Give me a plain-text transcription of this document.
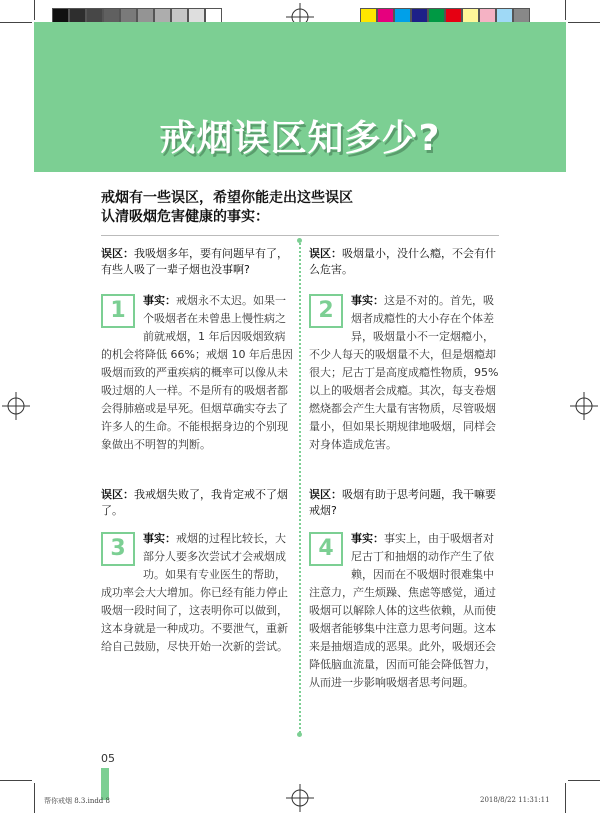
戒烟误区知多少?
戒烟有一些误区，希望你能走出这些误区
认清吸烟危害健康的事实：
误区：我吸烟多年，要有问题早有了，有些人吸了一辈子烟也没事啊?
1	事实：戒烟永不太迟。如果一个吸烟者在未曾患上慢性病之前就戒烟，1 年后因吸烟致病的机会将降低 66%；戒烟 10 年后患因吸烟而致的严重疾病的概率可以像从未吸过烟的人一样。不是所有的吸烟者都会得肺癌或是早死。但烟草确实夺去了许多人的生命。不能根据身边的个别现象做出不明智的判断。
误区：吸烟量小，没什么瘾，不会有什么危害。
2	事实：这是不对的。首先，吸烟者成瘾性的大小存在个体差异，吸烟量小不一定烟瘾小，不少人每天的吸烟量不大，但是烟瘾却很大；尼古丁是高度成瘾性物质，95% 以上的吸烟者会成瘾。其次，每支卷烟燃烧都会产生大量有害物质，尽管吸烟量小，但如果长期规律地吸烟，同样会对身体造成危害。
误区：我戒烟失败了，我肯定戒不了烟了。
3	事实：戒烟的过程比较长，大部分人要多次尝试才会戒烟成功。如果有专业医生的帮助，成功率会大大增加。你已经有能力停止吸烟一段时间了，这表明你可以做到，这本身就是一种成功。不要泄气，重新给自己鼓励，尽快开始一次新的尝试。
误区：吸烟有助于思考问题，我干嘛要戒烟?
4	事实：事实上，由于吸烟者对尼古丁和抽烟的动作产生了依赖，因而在不吸烟时很难集中注意力，产生烦躁、焦虑等感觉，通过吸烟可以解除人体的这些依赖，从而使吸烟者能够集中注意力思考问题。这本来是抽烟造成的恶果。此外，吸烟还会降低脑血流量，因而可能会降低智力，从而进一步影响吸烟者思考问题。
05
帮你戒烟 8.3.indd 8	2018/8/22 11:31:11
